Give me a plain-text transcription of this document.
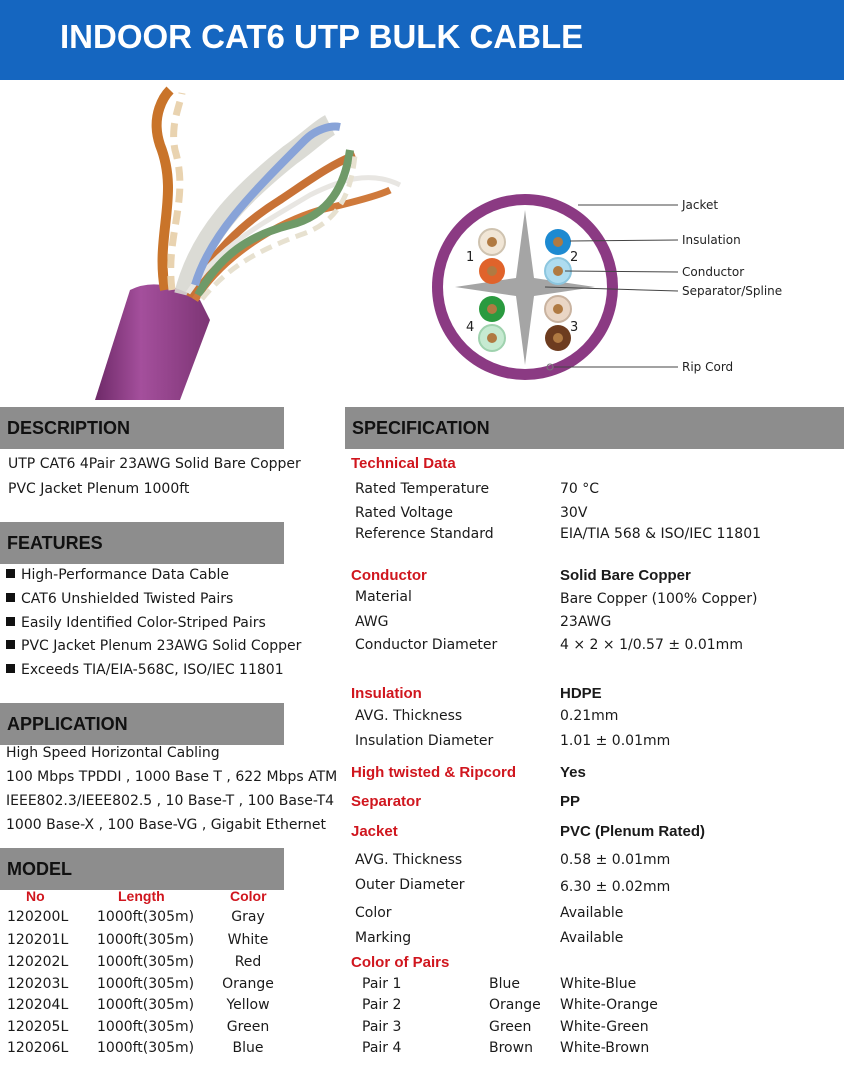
INDOOR CAT6 UTP BULK CABLE
1	2
3
4
Jacket
Insulation
Conductor
Separator/Spline
Rip Cord
DESCRIPTION
UTP CAT6 4Pair 23AWG Solid Bare Copper
PVC Jacket Plenum 1000ft
FEATURES
High-Performance Data Cable
CAT6 Unshielded Twisted Pairs
Easily Identified Color-Striped Pairs
PVC Jacket Plenum 23AWG Solid Copper
Exceeds TIA/EIA-568C, ISO/IEC 11801
APPLICATION
High Speed Horizontal Cabling
100 Mbps TPDDI , 1000 Base T , 622 Mbps ATM
IEEE802.3/IEEE802.5 , 10 Base-T , 100 Base-T4
1000 Base-X , 100 Base-VG , Gigabit Ethernet
MODEL
No	Length	Color
120200L 1000ft(305m)	Gray
120201L 1000ft(305m)	White
120202L 1000ft(305m)	Red
120203L 1000ft(305m)	Orange
120204L 1000ft(305m)	Yellow
120205L 1000ft(305m)	Green
120206L 1000ft(305m)	Blue
SPECIFICATION
Technical Data
Rated Temperature	70 °C
Rated Voltage	30V
Reference Standard	EIA/TIA 568 & ISO/IEC 11801
Conductor	Solid Bare Copper
Material	Bare Copper (100% Copper)
AWG	23AWG
Conductor Diameter	4 × 2 × 1/0.57 ± 0.01mm
Insulation	HDPE
AVG. Thickness	0.21mm
Insulation Diameter	1.01 ± 0.01mm
High twisted & Ripcord	Yes
Separator	PP
Jacket	PVC (Plenum Rated)
AVG. Thickness	0.58 ± 0.01mm
Outer Diameter	6.30 ± 0.02mm
Color	Available
Marking	Available
Color of Pairs
Pair 1	Blue	White-Blue
Pair 2	Orange White-Orange
Pair 3	Green White-Green
Pair 4	Brown White-Brown
